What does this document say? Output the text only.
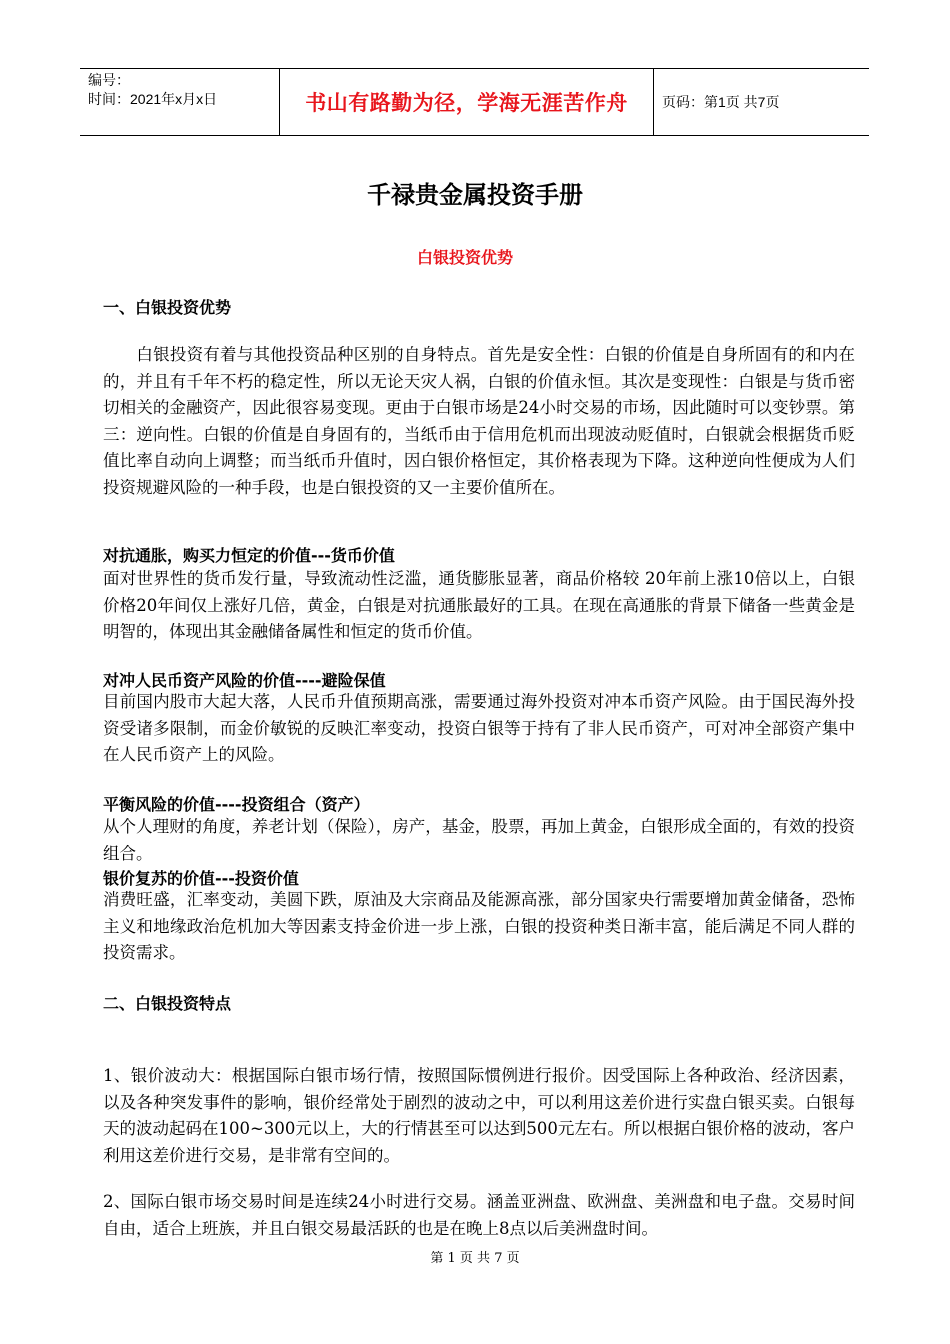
编号：
时间：2021年x月x日	书山有路勤为径，学海无涯苦作舟	页码：第1页 共7页
千禄贵金属投资手册
白银投资优势
一、白银投资优势
　　白银投资有着与其他投资品种区别的自身特点。首先是安全性：白银的价值是自身所固有的和内在的，并且有千年不朽的稳定性，所以无论天灾人祸，白银的价值永恒。其次是变现性：白银是与货币密切相关的金融资产，因此很容易变现。更由于白银市场是24小时交易的市场，因此随时可以变钞票。第三：逆向性。白银的价值是自身固有的，当纸币由于信用危机而出现波动贬值时，白银就会根据货币贬值比率自动向上调整；而当纸币升值时，因白银价格恒定，其价格表现为下降。这种逆向性便成为人们投资规避风险的一种手段，也是白银投资的又一主要价值所在。
对抗通胀，购买力恒定的价值---货币价值
面对世界性的货币发行量，导致流动性泛滥，通货膨胀显著，商品价格较 20年前上涨10倍以上，白银价格20年间仅上涨好几倍，黄金，白银是对抗通胀最好的工具。在现在高通胀的背景下储备一些黄金是明智的，体现出其金融储备属性和恒定的货币价值。
对冲人民币资产风险的价值----避险保值
目前国内股市大起大落，人民币升值预期高涨，需要通过海外投资对冲本币资产风险。由于国民海外投资受诸多限制，而金价敏锐的反映汇率变动，投资白银等于持有了非人民币资产，可对冲全部资产集中在人民币资产上的风险。
平衡风险的价值----投资组合（资产）
从个人理财的角度，养老计划（保险），房产，基金，股票，再加上黄金，白银形成全面的，有效的投资组合。
银价复苏的价值---投资价值
消费旺盛，汇率变动，美圆下跌，原油及大宗商品及能源高涨，部分国家央行需要增加黄金储备，恐怖主义和地缘政治危机加大等因素支持金价进一步上涨，白银的投资种类日渐丰富，能后满足不同人群的投资需求。
二、白银投资特点
1、银价波动大：根据国际白银市场行情，按照国际惯例进行报价。因受国际上各种政治、经济因素，以及各种突发事件的影响，银价经常处于剧烈的波动之中，可以利用这差价进行实盘白银买卖。白银每天的波动起码在100~300元以上，大的行情甚至可以达到500元左右。所以根据白银价格的波动，客户利用这差价进行交易，是非常有空间的。
2、国际白银市场交易时间是连续24小时进行交易。涵盖亚洲盘、欧洲盘、美洲盘和电子盘。交易时间自由，适合上班族，并且白银交易最活跃的也是在晚上8点以后美洲盘时间。
第 1 页 共 7 页
